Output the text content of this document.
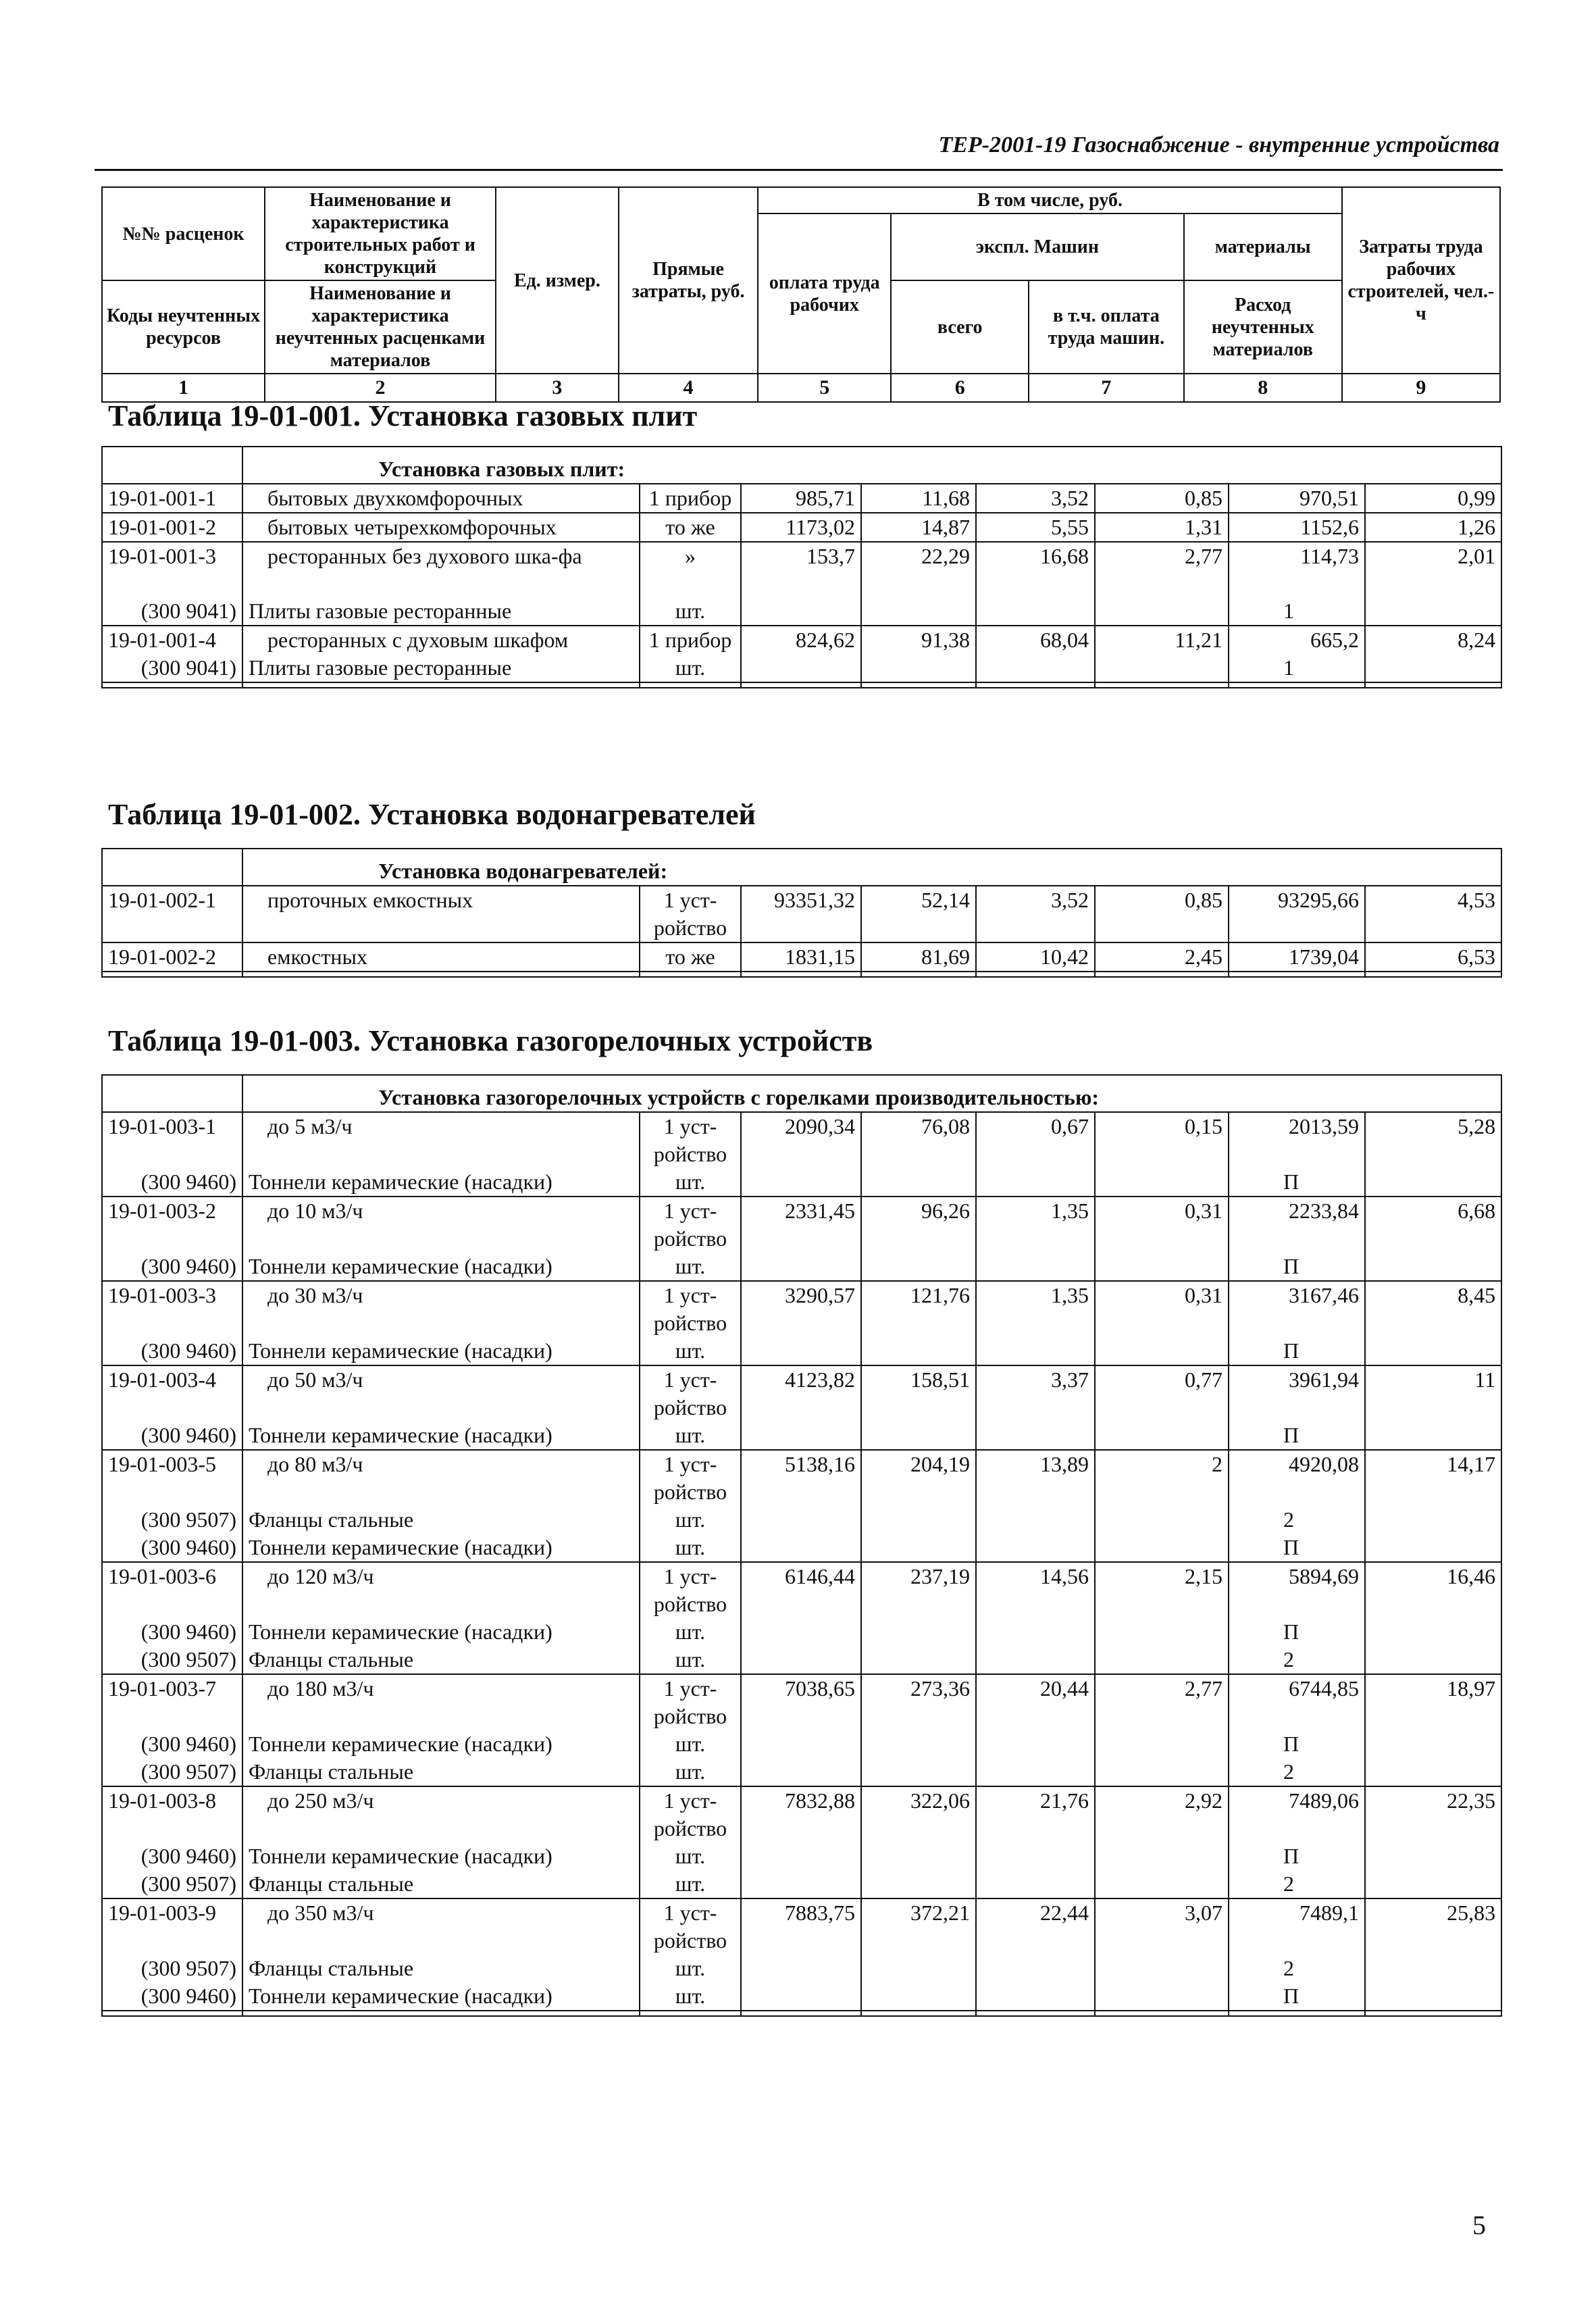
ТЕР-2001-19 Газоснабжение - внутренние устройства
№№ расценок	Наименование и характеристика строительных работ и конструкций	Ед. измер.	Прямые затраты, руб.	В том числе, руб.				Затраты труда рабочих строителей, чел.-ч
				оплата труда рабочих	экспл. Машин		материалы	
Коды неучтенных ресурсов	Наименование и характеристика неучтенных расценками материалов				всего	в т.ч. оплата труда машин.	Расход неучтенных материалов	

1	2	3	4	5	6	7	8	9
Таблица 19-01-001. Установка газовых плит
	Установка газовых плит:							
19-01-001-1	бытовых двухкомфорочных	1 прибор	985,71	11,68	3,52	0,85	970,51	0,99
19-01-001-2	бытовых четырехкомфорочных	то же	1173,02	14,87	5,55	1,31	1152,6	1,26
19-01-001-3	ресторанных без духового шка-фа	»	153,7	22,29	16,68	2,77	114,73	2,01
(300 9041)	Плиты газовые ресторанные	шт.					1	
19-01-001-4	ресторанных с духовым шкафом	1 прибор	824,62	91,38	68,04	11,21	665,2	8,24
(300 9041)	Плиты газовые ресторанные	шт.					1	

Таблица 19-01-002. Установка водонагревателей
	Установка водонагревателей:							
19-01-002-1	проточных емкостных	1 уст-ройство	93351,32	52,14	3,52	0,85	93295,66	4,53
19-01-002-2	емкостных	то же	1831,15	81,69	10,42	2,45	1739,04	6,53

Таблица 19-01-003. Установка газогорелочных устройств
	Установка газогорелочных устройств с горелками производительностью:							
19-01-003-1	до 5 м3/ч	1 уст-ройство	2090,34	76,08	0,67	0,15	2013,59	5,28
(300 9460)	Тоннели керамические (насадки)	шт.					П	
19-01-003-2	до 10 м3/ч	1 уст-ройство	2331,45	96,26	1,35	0,31	2233,84	6,68
(300 9460)	Тоннели керамические (насадки)	шт.					П	
19-01-003-3	до 30 м3/ч	1 уст-ройство	3290,57	121,76	1,35	0,31	3167,46	8,45
(300 9460)	Тоннели керамические (насадки)	шт.					П	
19-01-003-4	до 50 м3/ч	1 уст-ройство	4123,82	158,51	3,37	0,77	3961,94	11
(300 9460)	Тоннели керамические (насадки)	шт.					П	
19-01-003-5	до 80 м3/ч	1 уст-ройство	5138,16	204,19	13,89	2	4920,08	14,17
(300 9507)	Фланцы стальные	шт.					2	
(300 9460)	Тоннели керамические (насадки)	шт.					П	
19-01-003-6	до 120 м3/ч	1 уст-ройство	6146,44	237,19	14,56	2,15	5894,69	16,46
(300 9460)	Тоннели керамические (насадки)	шт.					П	
(300 9507)	Фланцы стальные	шт.					2	
19-01-003-7	до 180 м3/ч	1 уст-ройство	7038,65	273,36	20,44	2,77	6744,85	18,97
(300 9460)	Тоннели керамические (насадки)	шт.					П	
(300 9507)	Фланцы стальные	шт.					2	
19-01-003-8	до 250 м3/ч	1 уст-ройство	7832,88	322,06	21,76	2,92	7489,06	22,35
(300 9460)	Тоннели керамические (насадки)	шт.					П	
(300 9507)	Фланцы стальные	шт.					2	
19-01-003-9	до 350 м3/ч	1 уст-ройство	7883,75	372,21	22,44	3,07	7489,1	25,83
(300 9507)	Фланцы стальные	шт.					2	
(300 9460)	Тоннели керамические (насадки)	шт.					П	

5
